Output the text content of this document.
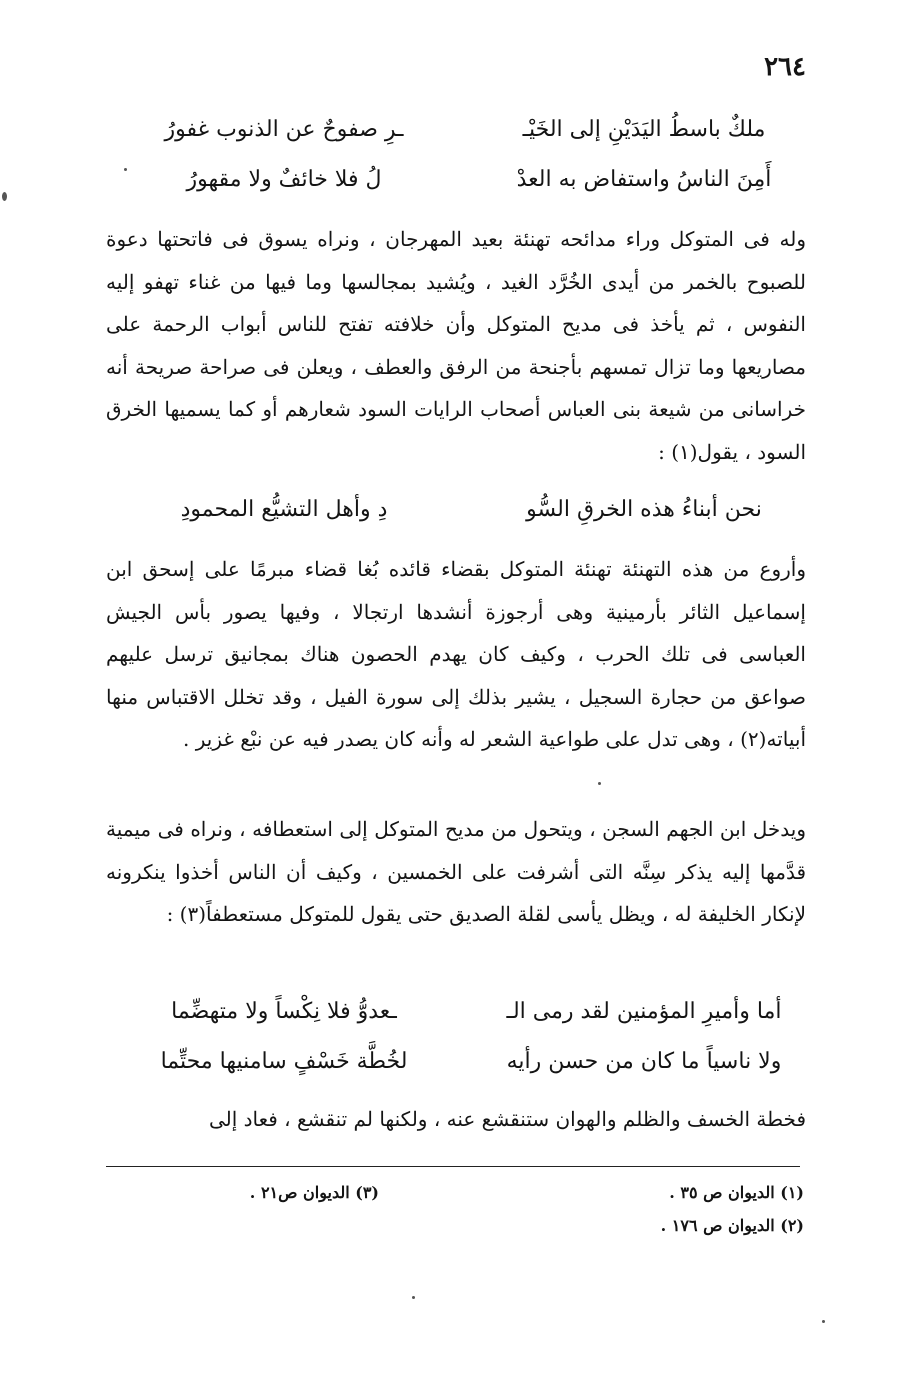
٢٦٤
ملكٌ باسطُ اليَدَيْنِ إلى الخَيْـ
ـرِ صفوحٌ عن الذنوب غفورُ
أَمِنَ الناسُ واستفاض به العدْ
لُ فلا خائفٌ ولا مقهورُ
وله فى المتوكل وراء مدائحه تهنئة بعيد المهرجان ، ونراه يسوق فى فاتحتها دعوة للصبوح بالخمر من أيدى الخُرَّد الغيد ، ويُشيد بمجالسها وما فيها من غناء تهفو إليه النفوس ، ثم يأخذ فى مديح المتوكل وأن خلافته تفتح للناس أبواب الرحمة على مصاريعها وما تزال تمسهم بأجنحة من الرفق والعطف ، ويعلن فى صراحة صريحة أنه خراسانى من شيعة بنى العباس أصحاب الرايات السود شعارهم أو كما يسميها الخرق السود ، يقول(١) :
نحن أبناءُ هذه الخرقِ السُّو
دِ وأهل التشيُّع المحمودِ
وأروع من هذه التهنئة تهنئة المتوكل بقضاء قائده بُغا قضاء مبرمًا على إسحق ابن إسماعيل الثائر بأرمينية وهى أرجوزة أنشدها ارتجالا ، وفيها يصور بأس الجيش العباسى فى تلك الحرب ، وكيف كان يهدم الحصون هناك بمجانيق ترسل عليهم صواعق من حجارة السجيل ، يشير بذلك إلى سورة الفيل ، وقد تخلل الاقتباس منها أبياته(٢) ، وهى تدل على طواعية الشعر له وأنه كان يصدر فيه عن نبْع غزير .
ويدخل ابن الجهم السجن ، ويتحول من مديح المتوكل إلى استعطافه ، ونراه فى ميمية قدَّمها إليه يذكر سِنَّه التى أشرفت على الخمسين ، وكيف أن الناس أخذوا ينكرونه لإنكار الخليفة له ، ويظل يأسى لقلة الصديق حتى يقول للمتوكل مستعطفاً(٣) :
أما وأميرِ المؤمنين لقد رمى الـ
ـعدوُّ فلا نِكْساً ولا متهضِّما
ولا ناسياً ما كان من حسن رأيه
لخُطَّة خَسْفٍ سامنيها محتِّما
فخطة الخسف والظلم والهوان ستنقشع عنه ، ولكنها لم تنقشع ، فعاد إلى
(١) الديوان ص ٣٥ .
(٣) الديوان ص٢١ .
(٢) الديوان ص ١٧٦ .
